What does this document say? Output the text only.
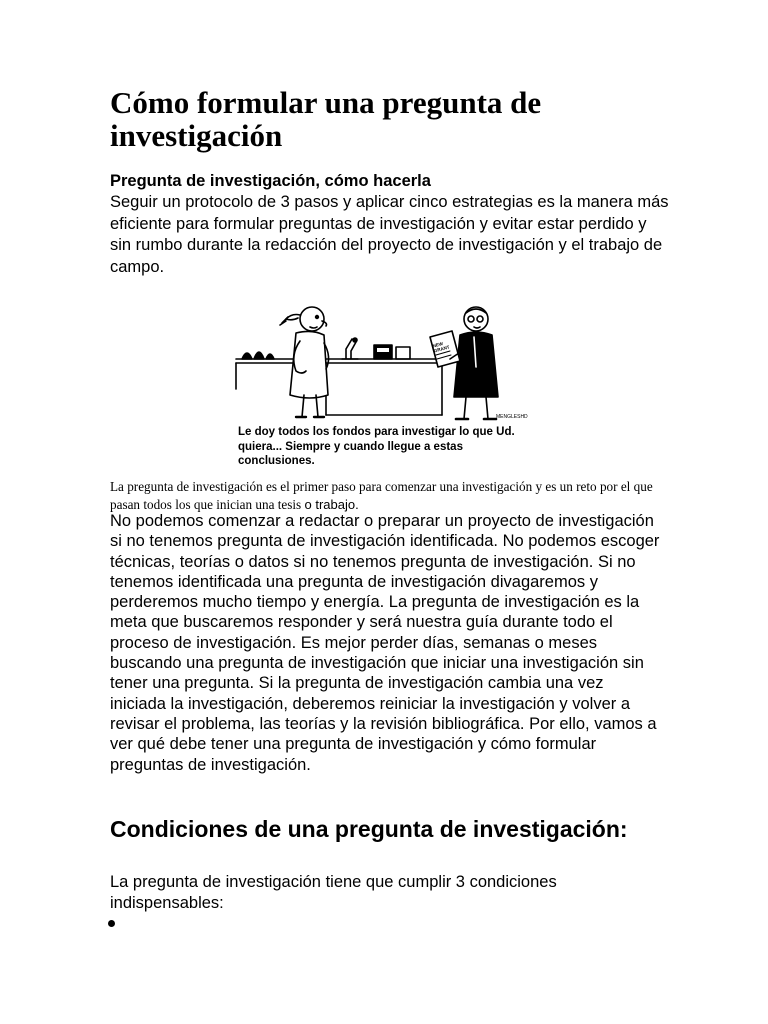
Cómo formular una pregunta de investigación

Pregunta de investigación, cómo hacerla

Seguir un protocolo de 3 pasos y aplicar cinco estrategias es la manera más eficiente para formular preguntas de investigación y evitar estar perdido y sin rumbo durante la redacción del proyecto de investigación y el trabajo de campo.

NEW GRANT
MENGLESHD

Le doy todos los fondos para investigar lo que Ud. quiera... Siempre y cuando llegue a estas conclusiones.

La pregunta de investigación es el primer paso para comenzar una investigación y es un reto por el que pasan todos los que inician una tesis o trabajo.

No podemos comenzar a redactar o preparar un proyecto de investigación si no tenemos pregunta de investigación identificada. No podemos escoger técnicas, teorías o datos si no tenemos pregunta de investigación. Si no tenemos identificada una pregunta de investigación divagaremos y perderemos mucho tiempo y energía. La pregunta de investigación es la meta que buscaremos responder y será nuestra guía durante todo el proceso de investigación. Es mejor perder días, semanas o meses buscando una pregunta de investigación que iniciar una investigación sin tener una pregunta. Si la pregunta de investigación cambia una vez iniciada la investigación, deberemos reiniciar la investigación y volver a revisar el problema, las teorías y la revisión bibliográfica. Por ello, vamos a ver qué debe tener una pregunta de investigación y cómo formular preguntas de investigación.

Condiciones de una pregunta de investigación:

La pregunta de investigación tiene que cumplir 3 condiciones indispensables:
